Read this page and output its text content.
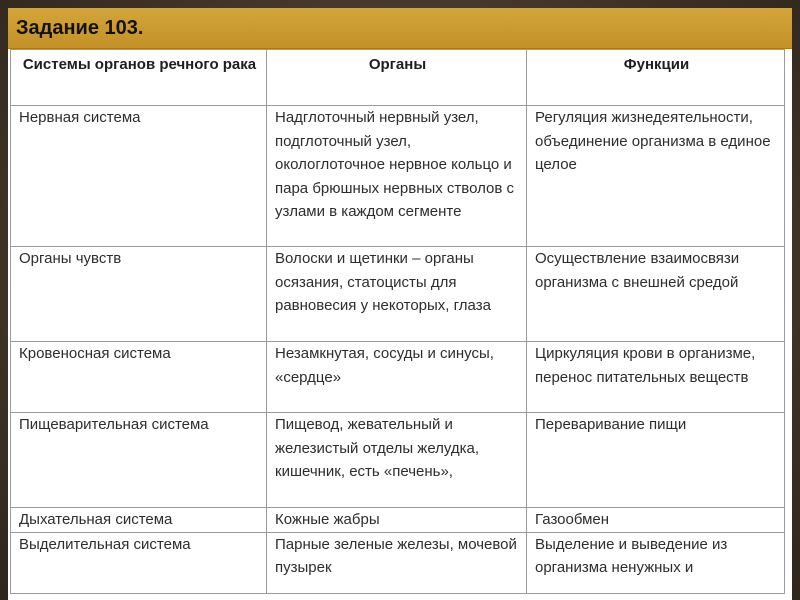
Задание 103.
Системы органов речного рака	Органы	Функции
Нервная система	Надглоточный нервный узел, подглоточный узел, окологлоточное нервное кольцо и пара брюшных нервных стволов с узлами в каждом сегменте	Регуляция жизнедеятельности, объединение организма в единое целое
Органы чувств	Волоски и щетинки – органы осязания, статоцисты для равновесия у некоторых, глаза	Осуществление взаимосвязи организма с внешней средой
Кровеносная система	Незамкнутая, сосуды и синусы, «сердце»	Циркуляция крови в организме, перенос питательных веществ
Пищеварительная система	Пищевод, жевательный и железистый отделы желудка, кишечник, есть «печень»,	Переваривание пищи
Дыхательная система	Кожные жабры	Газообмен
Выделительная система	Парные зеленые железы, мочевой пузырек	Выделение и выведение из организма ненужных и
